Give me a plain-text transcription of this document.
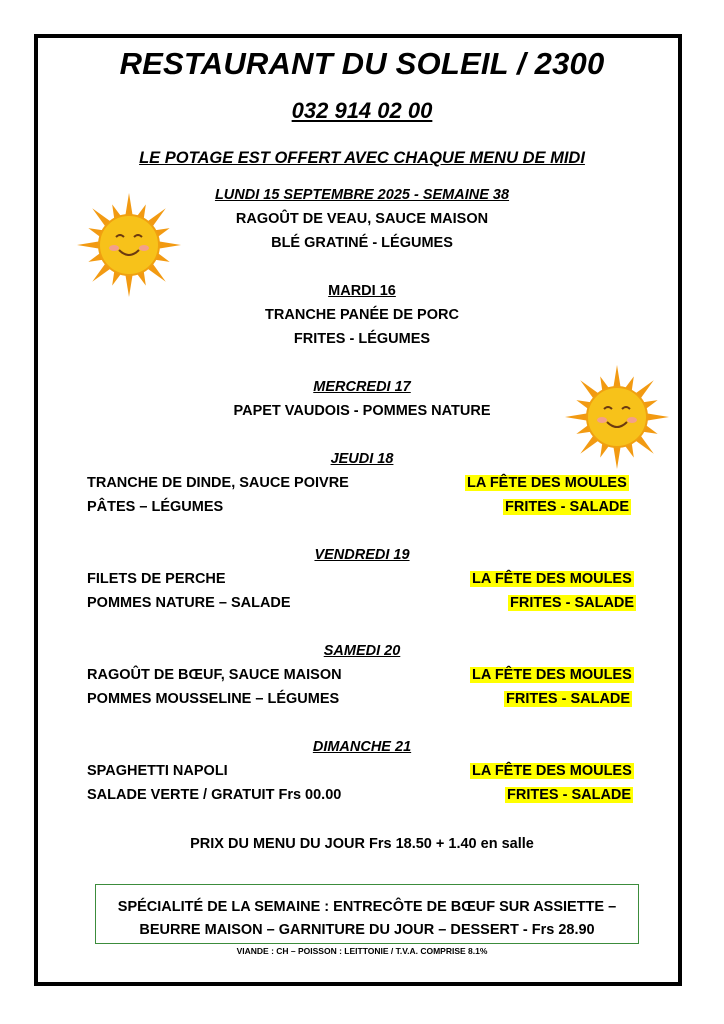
RESTAURANT DU SOLEIL / 2300
032 914 02 00
LE POTAGE EST OFFERT AVEC CHAQUE MENU DE MIDI
LUNDI 15 SEPTEMBRE 2025 - SEMAINE 38
RAGOÛT DE VEAU, SAUCE MAISON
BLÉ GRATINÉ - LÉGUMES
MARDI 16
TRANCHE PANÉE DE PORC
FRITES - LÉGUMES
MERCREDI 17
PAPET VAUDOIS - POMMES NATURE
JEUDI 18
TRANCHE DE DINDE, SAUCE POIVRE
PÂTES – LÉGUMES
LA FÊTE DES MOULES
FRITES - SALADE
VENDREDI 19
FILETS DE PERCHE
POMMES NATURE – SALADE
LA FÊTE DES MOULES
FRITES - SALADE
SAMEDI 20
RAGOÛT DE BŒUF, SAUCE MAISON
POMMES MOUSSELINE – LÉGUMES
LA FÊTE DES MOULES
FRITES - SALADE
DIMANCHE 21
SPAGHETTI NAPOLI
SALADE VERTE / GRATUIT Frs 00.00
LA FÊTE DES MOULES
FRITES - SALADE
PRIX DU MENU DU JOUR Frs 18.50 + 1.40 en salle
SPÉCIALITÉ DE LA SEMAINE : ENTRECÔTE DE BŒUF SUR ASSIETTE –
BEURRE MAISON – GARNITURE DU JOUR – DESSERT - Frs 28.90
VIANDE : CH – POISSON : LEITTONIE / T.V.A. COMPRISE 8.1%
